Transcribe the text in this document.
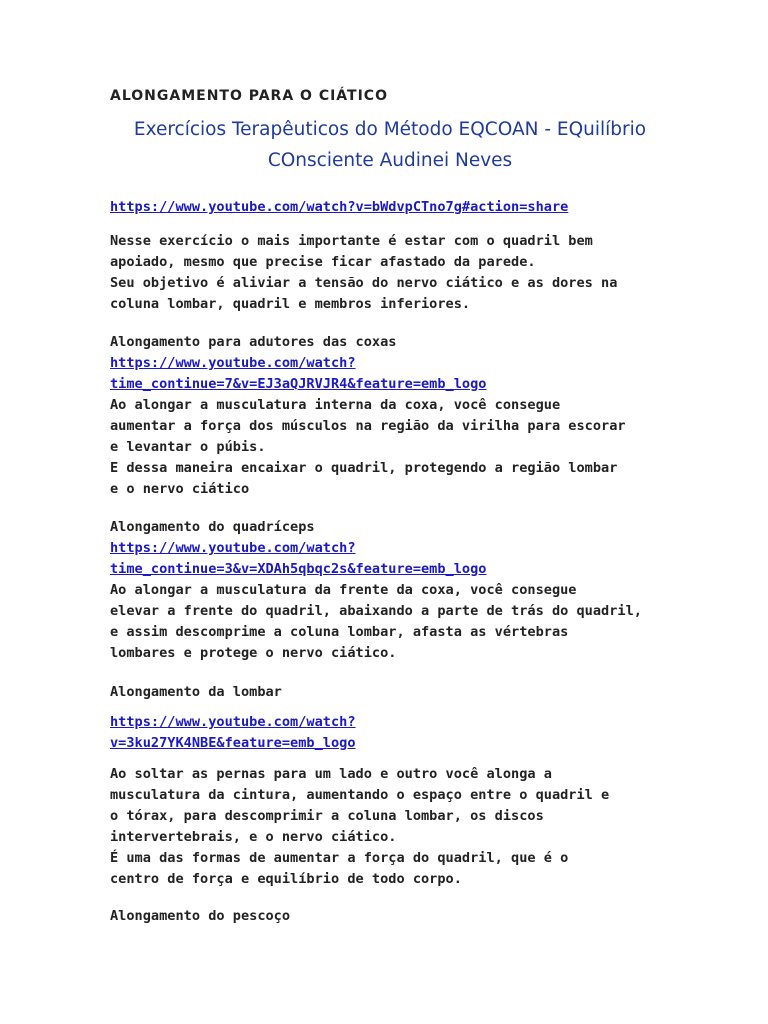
ALONGAMENTO PARA O CIÁTICO
Exercícios Terapêuticos do Método EQCOAN - EQuilíbrio
COnsciente Audinei Neves
https://www.youtube.com/watch?v=bWdvpCTno7g#action=share
Nesse exercício o mais importante é estar com o quadril bem
apoiado, mesmo que precise ficar afastado da parede.
Seu objetivo é aliviar a tensão do nervo ciático e as dores na
coluna lombar, quadril e membros inferiores.
Alongamento para adutores das coxas
https://www.youtube.com/watch?
time_continue=7&v=EJ3aQJRVJR4&feature=emb_logo
Ao alongar a musculatura interna da coxa, você consegue
aumentar a força dos músculos na região da virilha para escorar
e levantar o púbis.
E dessa maneira encaixar o quadril, protegendo a região lombar
e o nervo ciático
Alongamento do quadríceps
https://www.youtube.com/watch?
time_continue=3&v=XDAh5qbqc2s&feature=emb_logo
Ao alongar a musculatura da frente da coxa, você consegue
elevar a frente do quadril, abaixando a parte de trás do quadril,
e assim descomprime a coluna lombar, afasta as vértebras
lombares e protege o nervo ciático.
Alongamento da lombar
https://www.youtube.com/watch?
v=3ku27YK4NBE&feature=emb_logo
Ao soltar as pernas para um lado e outro você alonga a
musculatura da cintura, aumentando o espaço entre o quadril e
o tórax, para descomprimir a coluna lombar, os discos
intervertebrais, e o nervo ciático.
É uma das formas de aumentar a força do quadril, que é o
centro de força e equilíbrio de todo corpo.
Alongamento do pescoço
